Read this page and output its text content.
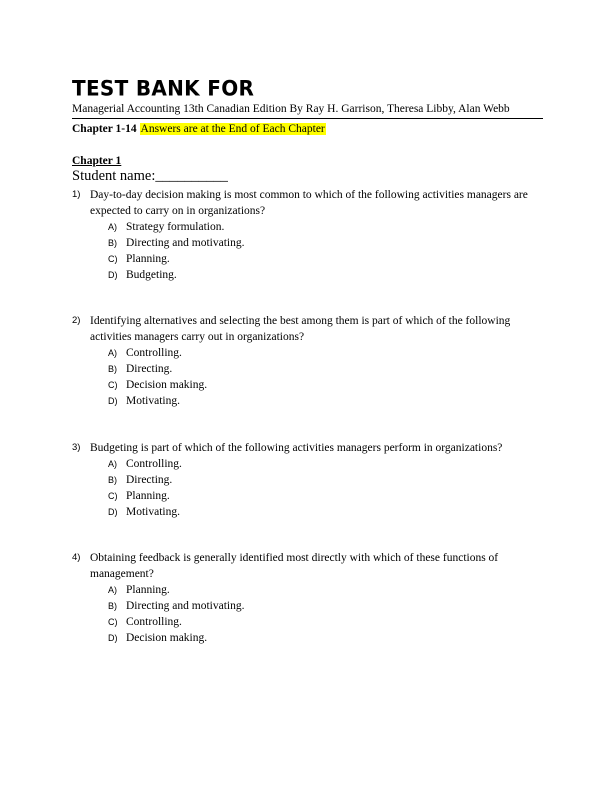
TEST BANK FOR
Managerial Accounting 13th Canadian Edition By Ray H. Garrison, Theresa Libby, Alan Webb
Chapter 1-14 Answers are at the End of Each Chapter
Chapter 1
Student name:__________
1) Day-to-day decision making is most common to which of the following activities managers are expected to carry on in organizations?
A) Strategy formulation.
B) Directing and motivating.
C) Planning.
D) Budgeting.
2) Identifying alternatives and selecting the best among them is part of which of the following activities managers carry out in organizations?
A) Controlling.
B) Directing.
C) Decision making.
D) Motivating.
3) Budgeting is part of which of the following activities managers perform in organizations?
A) Controlling.
B) Directing.
C) Planning.
D) Motivating.
4) Obtaining feedback is generally identified most directly with which of these functions of management?
A) Planning.
B) Directing and motivating.
C) Controlling.
D) Decision making.
